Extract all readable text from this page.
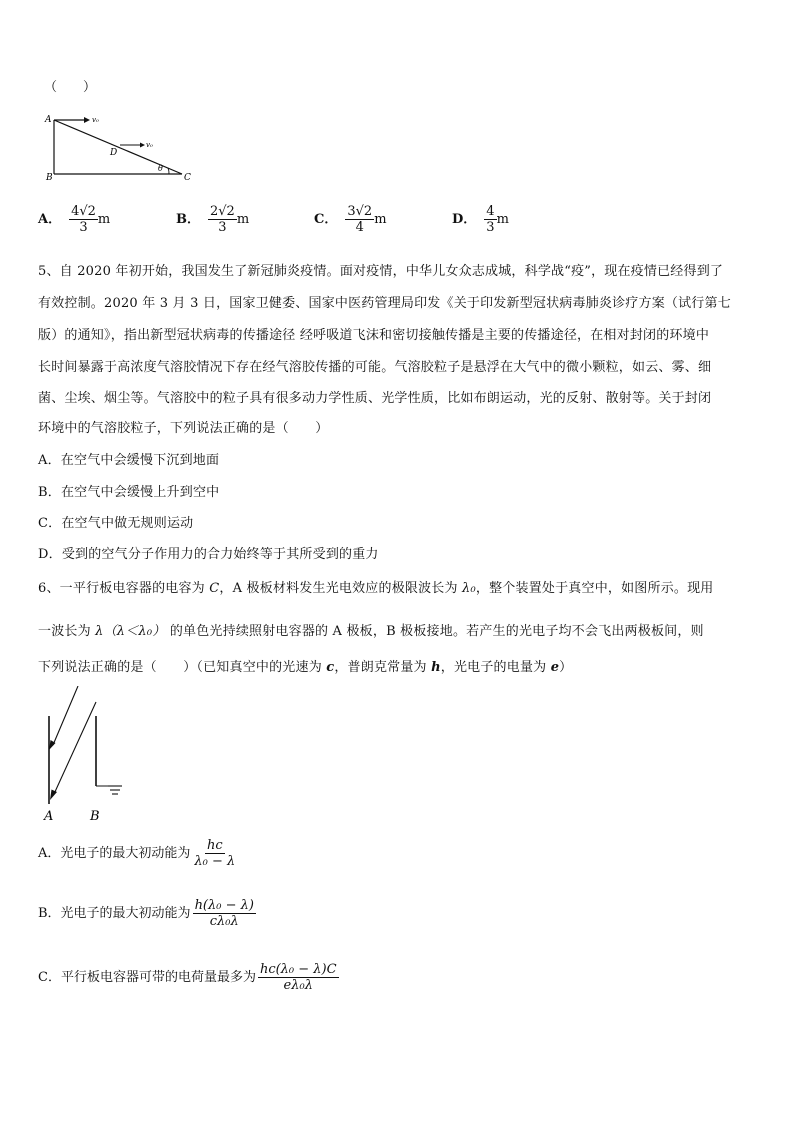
（　　）
A
B	C
D
v₀
v₀
θ
A． $\frac{4√2}{3}$ m	B． $\frac{2√2}{3}$ m	C． $\frac{3√2}{4}$ m	D． $\frac{4}{3}$ m
5、自 2020 年初开始，我国发生了新冠肺炎疫情。面对疫情，中华儿女众志成城，科学战“疫”，现在疫情已经得到了
有效控制。2020 年 3 月 3 日，国家卫健委、国家中医药管理局印发《关于印发新型冠状病毒肺炎诊疗方案（试行第七
版）的通知》，指出新型冠状病毒的传播途径 经呼吸道飞沫和密切接触传播是主要的传播途径，在相对封闭的环境中
长时间暴露于高浓度气溶胶情况下存在经气溶胶传播的可能。气溶胶粒子是悬浮在大气中的微小颗粒，如云、雾、细
菌、尘埃、烟尘等。气溶胶中的粒子具有很多动力学性质、光学性质，比如布朗运动，光的反射、散射等。关于封闭
环境中的气溶胶粒子，下列说法正确的是（　　）
A．在空气中会缓慢下沉到地面
B．在空气中会缓慢上升到空中
C．在空气中做无规则运动
D．受到的空气分子作用力的合力始终等于其所受到的重力
6、一平行板电容器的电容为 C，A 极板材料发生光电效应的极限波长为 λ₀，整个装置处于真空中，如图所示。现用
一波长为 λ（λ＜λ₀） 的单色光持续照射电容器的 A 极板，B 极板接地。若产生的光电子均不会飞出两极板间，则
下列说法正确的是（　　）（已知真空中的光速为 c，普朗克常量为 h，光电子的电量为 e）
A	B
A．光电子的最大初动能为 $\frac{hc}{\text{λ₀ − λ}}$
B．光电子的最大初动能为 $\frac{\text{h(λ₀ − λ)}}{\text{cλ₀λ}}$
C．平行板电容器可带的电荷量最多为 $\frac{\text{hc(λ₀ − λ)C}}{\text{eλ₀λ}}$
